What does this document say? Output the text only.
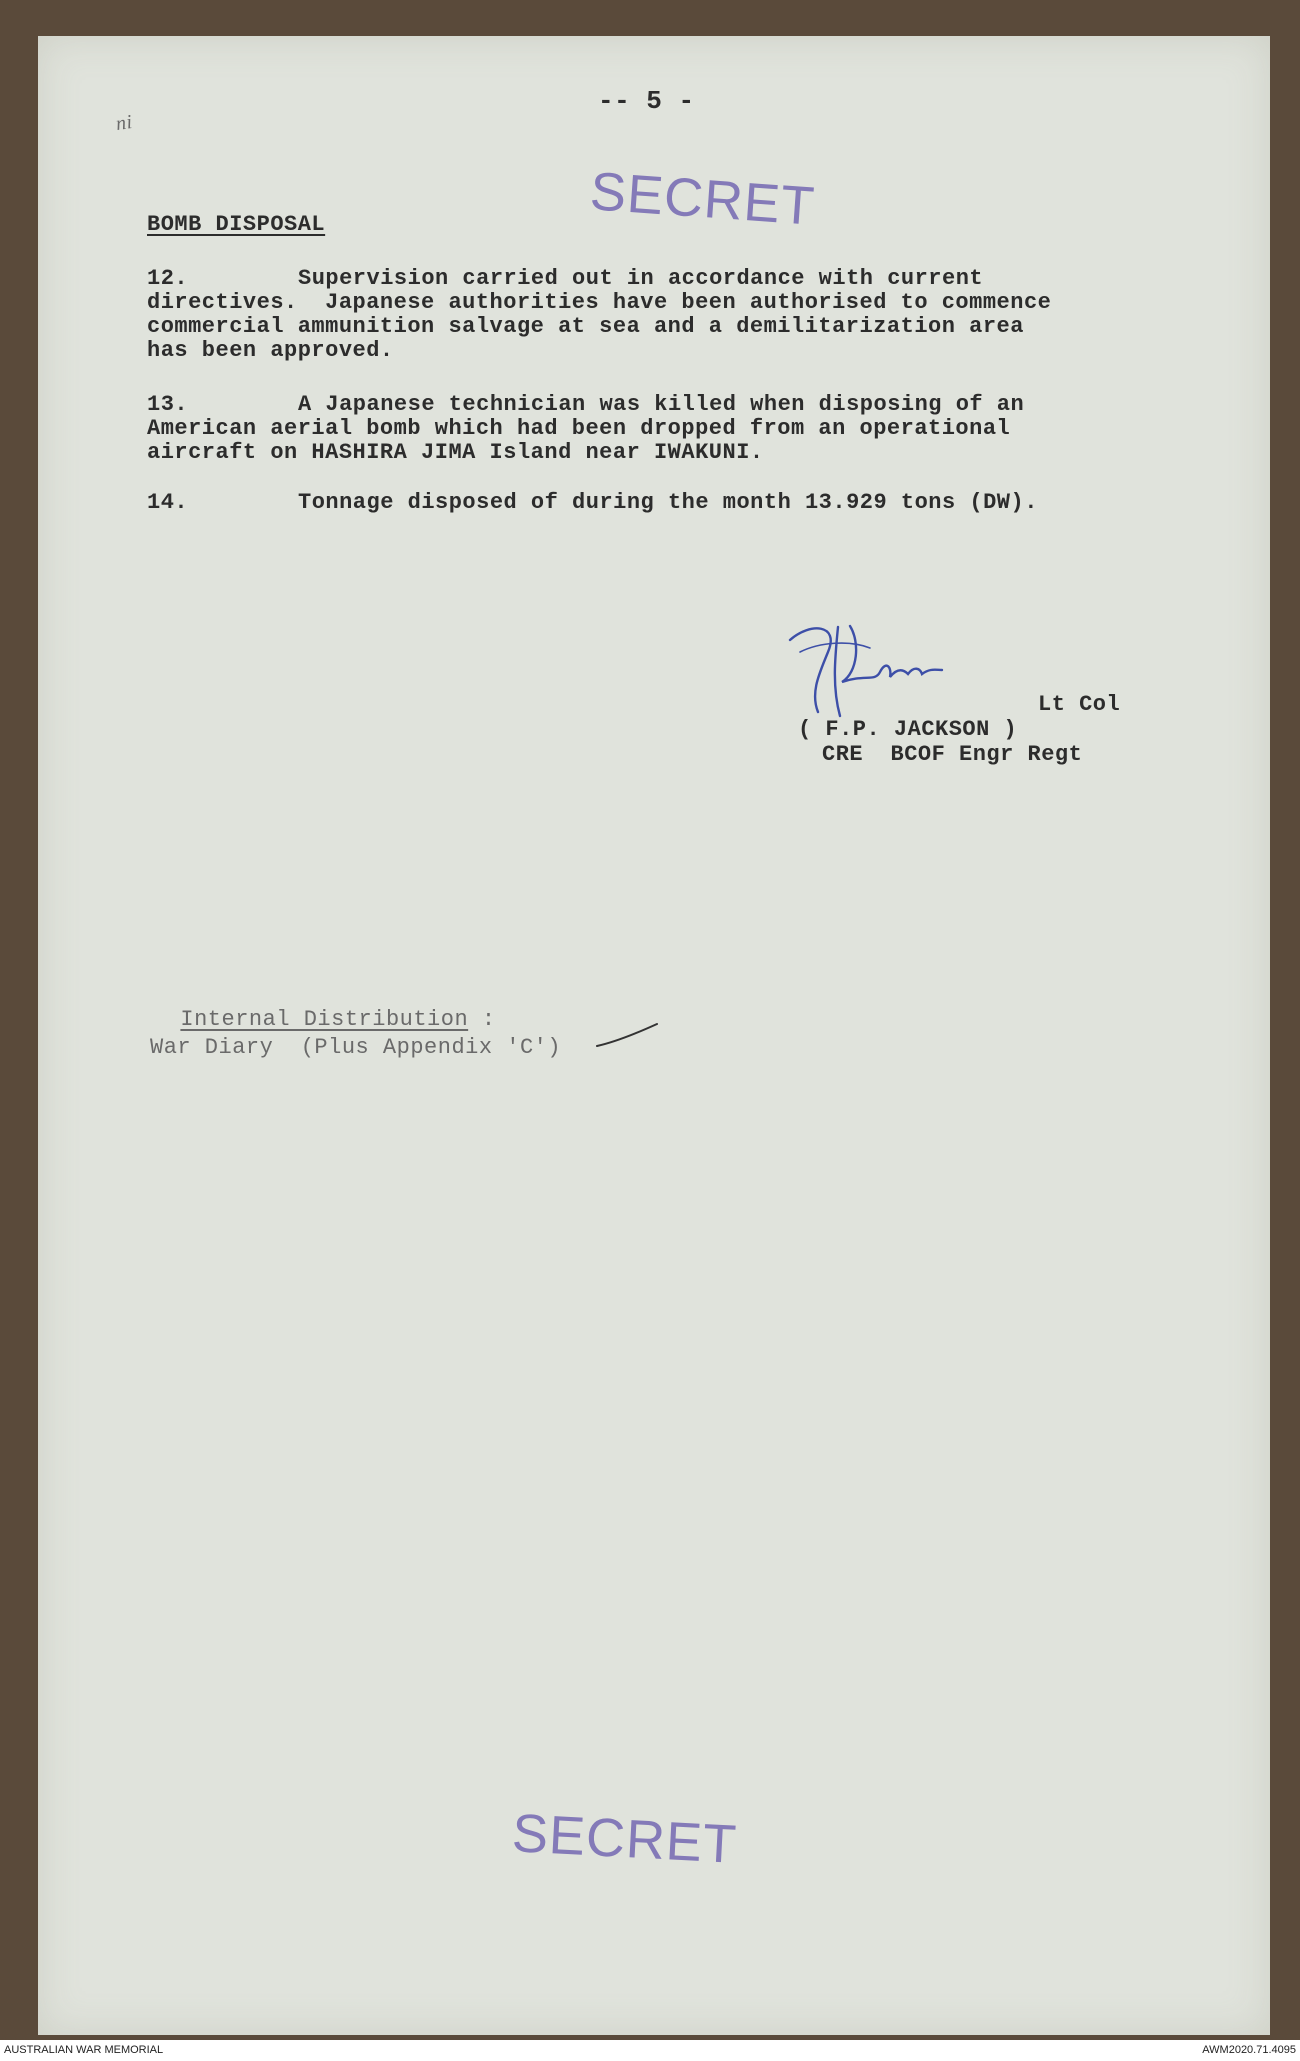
-- 5 -
ni
SECRET
BOMB DISPOSAL
12.	Supervision carried out in accordance with current
directives.  Japanese authorities have been authorised to commence
commercial ammunition salvage at sea and a demilitarization area
has been approved.
13.	A Japanese technician was killed when disposing of an
American aerial bomb which had been dropped from an operational
aircraft on HASHIRA JIMA Island near IWAKUNI.
14.	Tonnage disposed of during the month 13.929 tons (DW).
Lt Col
( F.P. JACKSON )
CRE  BCOF Engr Regt

Internal Distribution :

War Diary  (Plus Appendix 'C')
SECRET
AUSTRALIAN WAR MEMORIAL	AWM2020.71.4095
